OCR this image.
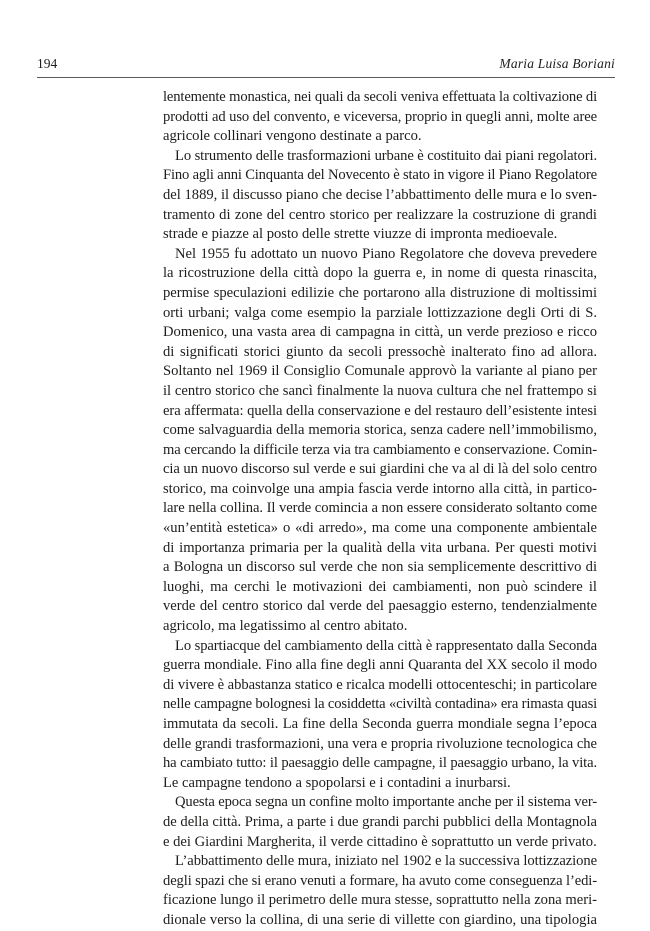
194	Maria Luisa Boriani
lentemente monastica, nei quali da secoli veniva effettuata la coltivazione di
prodotti ad uso del convento, e viceversa, proprio in quegli anni, molte aree
agricole collinari vengono destinate a parco.
Lo strumento delle trasformazioni urbane è costituito dai piani regolatori.
Fino agli anni Cinquanta del Novecento è stato in vigore il Piano Regolatore
del 1889, il discusso piano che decise l’abbattimento delle mura e lo sven-
tramento di zone del centro storico per realizzare la costruzione di grandi
strade e piazze al posto delle strette viuzze di impronta medioevale.
Nel 1955 fu adottato un nuovo Piano Regolatore che doveva prevedere
la ricostruzione della città dopo la guerra e, in nome di questa rinascita,
permise speculazioni edilizie che portarono alla distruzione di moltissimi
orti urbani; valga come esempio la parziale lottizzazione degli Orti di S.
Domenico, una vasta area di campagna in città, un verde prezioso e ricco
di significati storici giunto da secoli pressochè inalterato fino ad allora.
Soltanto nel 1969 il Consiglio Comunale approvò la variante al piano per
il centro storico che sancì finalmente la nuova cultura che nel frattempo si
era affermata: quella della conservazione e del restauro dell’esistente intesi
come salvaguardia della memoria storica, senza cadere nell’immobilismo,
ma cercando la difficile terza via tra cambiamento e conservazione. Comin-
cia un nuovo discorso sul verde e sui giardini che va al di là del solo centro
storico, ma coinvolge una ampia fascia verde intorno alla città, in partico-
lare nella collina. Il verde comincia a non essere considerato soltanto come
«un’entità estetica» o «di arredo», ma come una componente ambientale
di importanza primaria per la qualità della vita urbana. Per questi motivi
a Bologna un discorso sul verde che non sia semplicemente descrittivo di
luoghi, ma cerchi le motivazioni dei cambiamenti, non può scindere il
verde del centro storico dal verde del paesaggio esterno, tendenzialmente
agricolo, ma legatissimo al centro abitato.
Lo spartiacque del cambiamento della città è rappresentato dalla Seconda
guerra mondiale. Fino alla fine degli anni Quaranta del XX secolo il modo
di vivere è abbastanza statico e ricalca modelli ottocenteschi; in particolare
nelle campagne bolognesi la cosiddetta «civiltà contadina» era rimasta quasi
immutata da secoli. La fine della Seconda guerra mondiale segna l’epoca
delle grandi trasformazioni, una vera e propria rivoluzione tecnologica che
ha cambiato tutto: il paesaggio delle campagne, il paesaggio urbano, la vita.
Le campagne tendono a spopolarsi e i contadini a inurbarsi.
Questa epoca segna un confine molto importante anche per il sistema ver-
de della città. Prima, a parte i due grandi parchi pubblici della Montagnola
e dei Giardini Margherita, il verde cittadino è soprattutto un verde privato.
L’abbattimento delle mura, iniziato nel 1902 e la successiva lottizzazione
degli spazi che si erano venuti a formare, ha avuto come conseguenza l’edi-
ficazione lungo il perimetro delle mura stesse, soprattutto nella zona meri-
dionale verso la collina, di una serie di villette con giardino, una tipologia
